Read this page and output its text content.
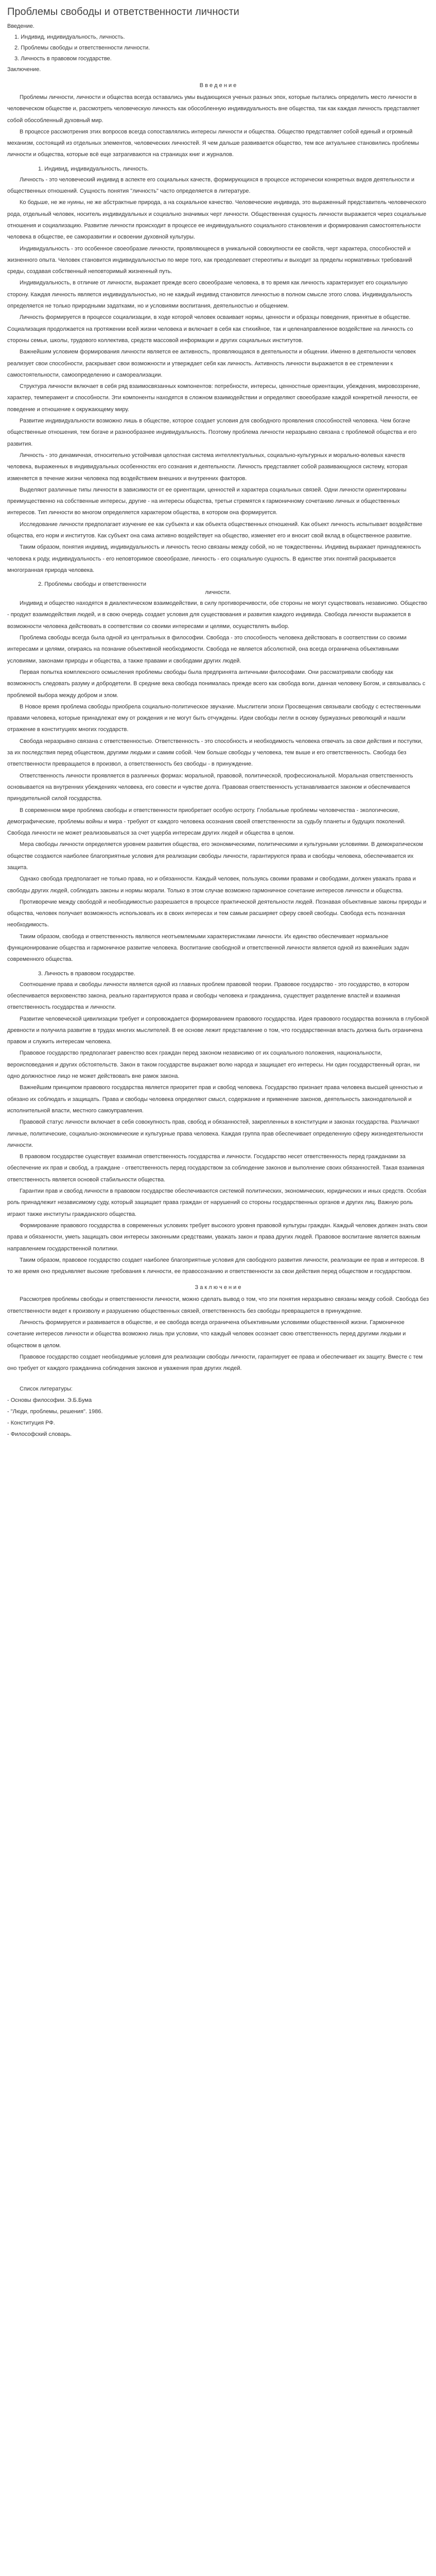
Проблемы свободы и ответственности личности
Введение.
1. Индивид, индивидуальность, личность.
2. Проблемы свободы и ответственности личности.
3. Личность в правовом государстве.
Заключение.
В в е д е н и е

Проблемы личности, личности и общества всегда оставались умы выдающихся ученых разных эпох, которые пытались определить место личности в человеческом обществе и, рассмотреть человеческую личность как обособленную индивидуальность вне общества, так как каждая личность представляет собой обособленный духовный мир.

В процессе рассмотрения этих вопросов всегда сопоставлялись интересы личности и общества. Общество представляет собой единый и огромный механизм, состоящий из отдельных элементов, человеческих личностей. Я чем дальше развивается общество, тем все актуальнее становились проблемы личности и общества, которые всё еще затрагиваются на страницах книг и журналов.

1. Индивид, индивидуальность, личность.

Личность - это человеческий индивид в аспекте его социальных качеств, формирующихся в процессе исторически конкретных видов деятельности и общественных отношений. Сущность понятия "личность" часто определяется в литературе.

Ко бодьше, не же нуины, не же абстрактные природа, а на социальное качество. Человеческие индивида, это выраженный представитель человеческого рода, отдельный человек, носитель индивидуальных и социально значимых черт личности. Общественная сущность личности выражается через социальные отношения и социализацию. Развитие личности происходит в процессе ее индивидуального социального становления и формирования самостоятельности человека в обществе, ее саморазвитии и освоении духовной культуры.

Индивидуальность - это особенное своеобразие личности, проявляющееся в уникальной совокупности ее свойств, черт характера, способностей и жизненного опыта. Человек становится индивидуальностью по мере того, как преодолевает стереотипы и выходит за пределы нормативных требований среды, создавая собственный неповторимый жизненный путь.

Индивидуальность, в отличие от личности, выражает прежде всего своеобразие человека, в то время как личность характеризует его социальную сторону. Каждая личность является индивидуальностью, но не каждый индивид становится личностью в полном смысле этого слова. Индивидуальность определяется не только природными задатками, но и условиями воспитания, деятельностью и общением.

Личность формируется в процессе социализации, в ходе которой человек осваивает нормы, ценности и образцы поведения, принятые в обществе. Социализация продолжается на протяжении всей жизни человека и включает в себя как стихийное, так и целенаправленное воздействие на личность со стороны семьи, школы, трудового коллектива, средств массовой информации и других социальных институтов.

Важнейшим условием формирования личности является ее активность, проявляющаяся в деятельности и общении. Именно в деятельности человек реализует свои способности, раскрывает свои возможности и утверждает себя как личность. Активность личности выражается в ее стремлении к самостоятельности, самоопределению и самореализации.

Структура личности включает в себя ряд взаимосвязанных компонентов: потребности, интересы, ценностные ориентации, убеждения, мировоззрение, характер, темперамент и способности. Эти компоненты находятся в сложном взаимодействии и определяют своеобразие каждой конкретной личности, ее поведение и отношение к окружающему миру.

Развитие индивидуальности возможно лишь в обществе, которое создает условия для свободного проявления способностей человека. Чем богаче общественные отношения, тем богаче и разнообразнее индивидуальность. Поэтому проблема личности неразрывно связана с проблемой общества и его развития.

Личность - это динамичная, относительно устойчивая целостная система интеллектуальных, социально-культурных и морально-волевых качеств человека, выраженных в индивидуальных особенностях его сознания и деятельности. Личность представляет собой развивающуюся систему, которая изменяется в течение жизни человека под воздействием внешних и внутренних факторов.

Выделяют различные типы личности в зависимости от ее ориентации, ценностей и характера социальных связей. Одни личности ориентированы преимущественно на собственные интересы, другие - на интересы общества, третьи стремятся к гармоничному сочетанию личных и общественных интересов. Тип личности во многом определяется характером общества, в котором она формируется.

Исследование личности предполагает изучение ее как субъекта и как объекта общественных отношений. Как объект личность испытывает воздействие общества, его норм и институтов. Как субъект она сама активно воздействует на общество, изменяет его и вносит свой вклад в общественное развитие.

Таким образом, понятия индивид, индивидуальность и личность тесно связаны между собой, но не тождественны. Индивид выражает принадлежность человека к роду, индивидуальность - его неповторимое своеобразие, личность - его социальную сущность. В единстве этих понятий раскрывается многогранная природа человека.

2. Проблемы свободы и ответственности
личности.

Индивид и общество находятся в диалектическом взаимодействии, в силу противоречивости, обе стороны не могут существовать независимо. Общество - продукт взаимодействия людей, и в свою очередь создает условия для существования и развития каждого индивида. Свобода личности выражается в возможности человека действовать в соответствии со своими интересами и целями, осуществлять выбор.

Проблема свободы всегда была одной из центральных в философии. Свобода - это способность человека действовать в соответствии со своими интересами и целями, опираясь на познание объективной необходимости. Свобода не является абсолютной, она всегда ограничена объективными условиями, законами природы и общества, а также правами и свободами других людей.

Первая попытка комплексного осмысления проблемы свободы была предпринята античными философами. Они рассматривали свободу как возможность следовать разуму и добродетели. В средние века свобода понималась прежде всего как свобода воли, данная человеку Богом, и связывалась с проблемой выбора между добром и злом.

В Новое время проблема свободы приобрела социально-политическое звучание. Мыслители эпохи Просвещения связывали свободу с естественными правами человека, которые принадлежат ему от рождения и не могут быть отчуждены. Идеи свободы легли в основу буржуазных революций и нашли отражение в конституциях многих государств.

Свобода неразрывно связана с ответственностью. Ответственность - это способность и необходимость человека отвечать за свои действия и поступки, за их последствия перед обществом, другими людьми и самим собой. Чем больше свободы у человека, тем выше и его ответственность. Свобода без ответственности превращается в произвол, а ответственность без свободы - в принуждение.

Ответственность личности проявляется в различных формах: моральной, правовой, политической, профессиональной. Моральная ответственность основывается на внутренних убеждениях человека, его совести и чувстве долга. Правовая ответственность устанавливается законом и обеспечивается принудительной силой государства.

В современном мире проблема свободы и ответственности приобретает особую остроту. Глобальные проблемы человечества - экологические, демографические, проблемы войны и мира - требуют от каждого человека осознания своей ответственности за судьбу планеты и будущих поколений. Свобода личности не может реализовываться за счет ущерба интересам других людей и общества в целом.

Мера свободы личности определяется уровнем развития общества, его экономическими, политическими и культурными условиями. В демократическом обществе создаются наиболее благоприятные условия для реализации свободы личности, гарантируются права и свободы человека, обеспечивается их защита.

Однако свобода предполагает не только права, но и обязанности. Каждый человек, пользуясь своими правами и свободами, должен уважать права и свободы других людей, соблюдать законы и нормы морали. Только в этом случае возможно гармоничное сочетание интересов личности и общества.

Противоречие между свободой и необходимостью разрешается в процессе практической деятельности людей. Познавая объективные законы природы и общества, человек получает возможность использовать их в своих интересах и тем самым расширяет сферу своей свободы. Свобода есть познанная необходимость.

Таким образом, свобода и ответственность являются неотъемлемыми характеристиками личности. Их единство обеспечивает нормальное функционирование общества и гармоничное развитие человека. Воспитание свободной и ответственной личности является одной из важнейших задач современного общества.

3. Личность в правовом государстве.

Соотношение права и свободы личности является одной из главных проблем правовой теории. Правовое государство - это государство, в котором обеспечивается верховенство закона, реально гарантируются права и свободы человека и гражданина, существует разделение властей и взаимная ответственность государства и личности.

Развитие человеческой цивилизации требует и сопровождается формированием правового государства. Идея правового государства возникла в глубокой древности и получила развитие в трудах многих мыслителей. В ее основе лежит представление о том, что государственная власть должна быть ограничена правом и служить интересам человека.

Правовое государство предполагает равенство всех граждан перед законом независимо от их социального положения, национальности, вероисповедания и других обстоятельств. Закон в таком государстве выражает волю народа и защищает его интересы. Ни один государственный орган, ни одно должностное лицо не может действовать вне рамок закона.

Важнейшим принципом правового государства является приоритет прав и свобод человека. Государство признает права человека высшей ценностью и обязано их соблюдать и защищать. Права и свободы человека определяют смысл, содержание и применение законов, деятельность законодательной и исполнительной власти, местного самоуправления.

Правовой статус личности включает в себя совокупность прав, свобод и обязанностей, закрепленных в конституции и законах государства. Различают личные, политические, социально-экономические и культурные права человека. Каждая группа прав обеспечивает определенную сферу жизнедеятельности личности.

В правовом государстве существует взаимная ответственность государства и личности. Государство несет ответственность перед гражданами за обеспечение их прав и свобод, а граждане - ответственность перед государством за соблюдение законов и выполнение своих обязанностей. Такая взаимная ответственность является основой стабильности общества.

Гарантии прав и свобод личности в правовом государстве обеспечиваются системой политических, экономических, юридических и иных средств. Особая роль принадлежит независимому суду, который защищает права граждан от нарушений со стороны государственных органов и других лиц. Важную роль играют также институты гражданского общества.

Формирование правового государства в современных условиях требует высокого уровня правовой культуры граждан. Каждый человек должен знать свои права и обязанности, уметь защищать свои интересы законными средствами, уважать закон и права других людей. Правовое воспитание является важным направлением государственной политики.

Таким образом, правовое государство создает наиболее благоприятные условия для свободного развития личности, реализации ее прав и интересов. В то же время оно предъявляет высокие требования к личности, ее правосознанию и ответственности за свои действия перед обществом и государством.

З а к л ю ч е н и е

Рассмотрев проблемы свободы и ответственности личности, можно сделать вывод о том, что эти понятия неразрывно связаны между собой. Свобода без ответственности ведет к произволу и разрушению общественных связей, ответственность без свободы превращается в принуждение.

Личность формируется и развивается в обществе, и ее свобода всегда ограничена объективными условиями общественной жизни. Гармоничное сочетание интересов личности и общества возможно лишь при условии, что каждый человек осознает свою ответственность перед другими людьми и обществом в целом.

Правовое государство создает необходимые условия для реализации свободы личности, гарантирует ее права и обеспечивает их защиту. Вместе с тем оно требует от каждого гражданина соблюдения законов и уважения прав других людей.

Список литературы:
- Основы философии. Э.Б.Бума
- "Люди, проблемы, решения". 1986.
- Конституция РФ.
- Философский словарь.
